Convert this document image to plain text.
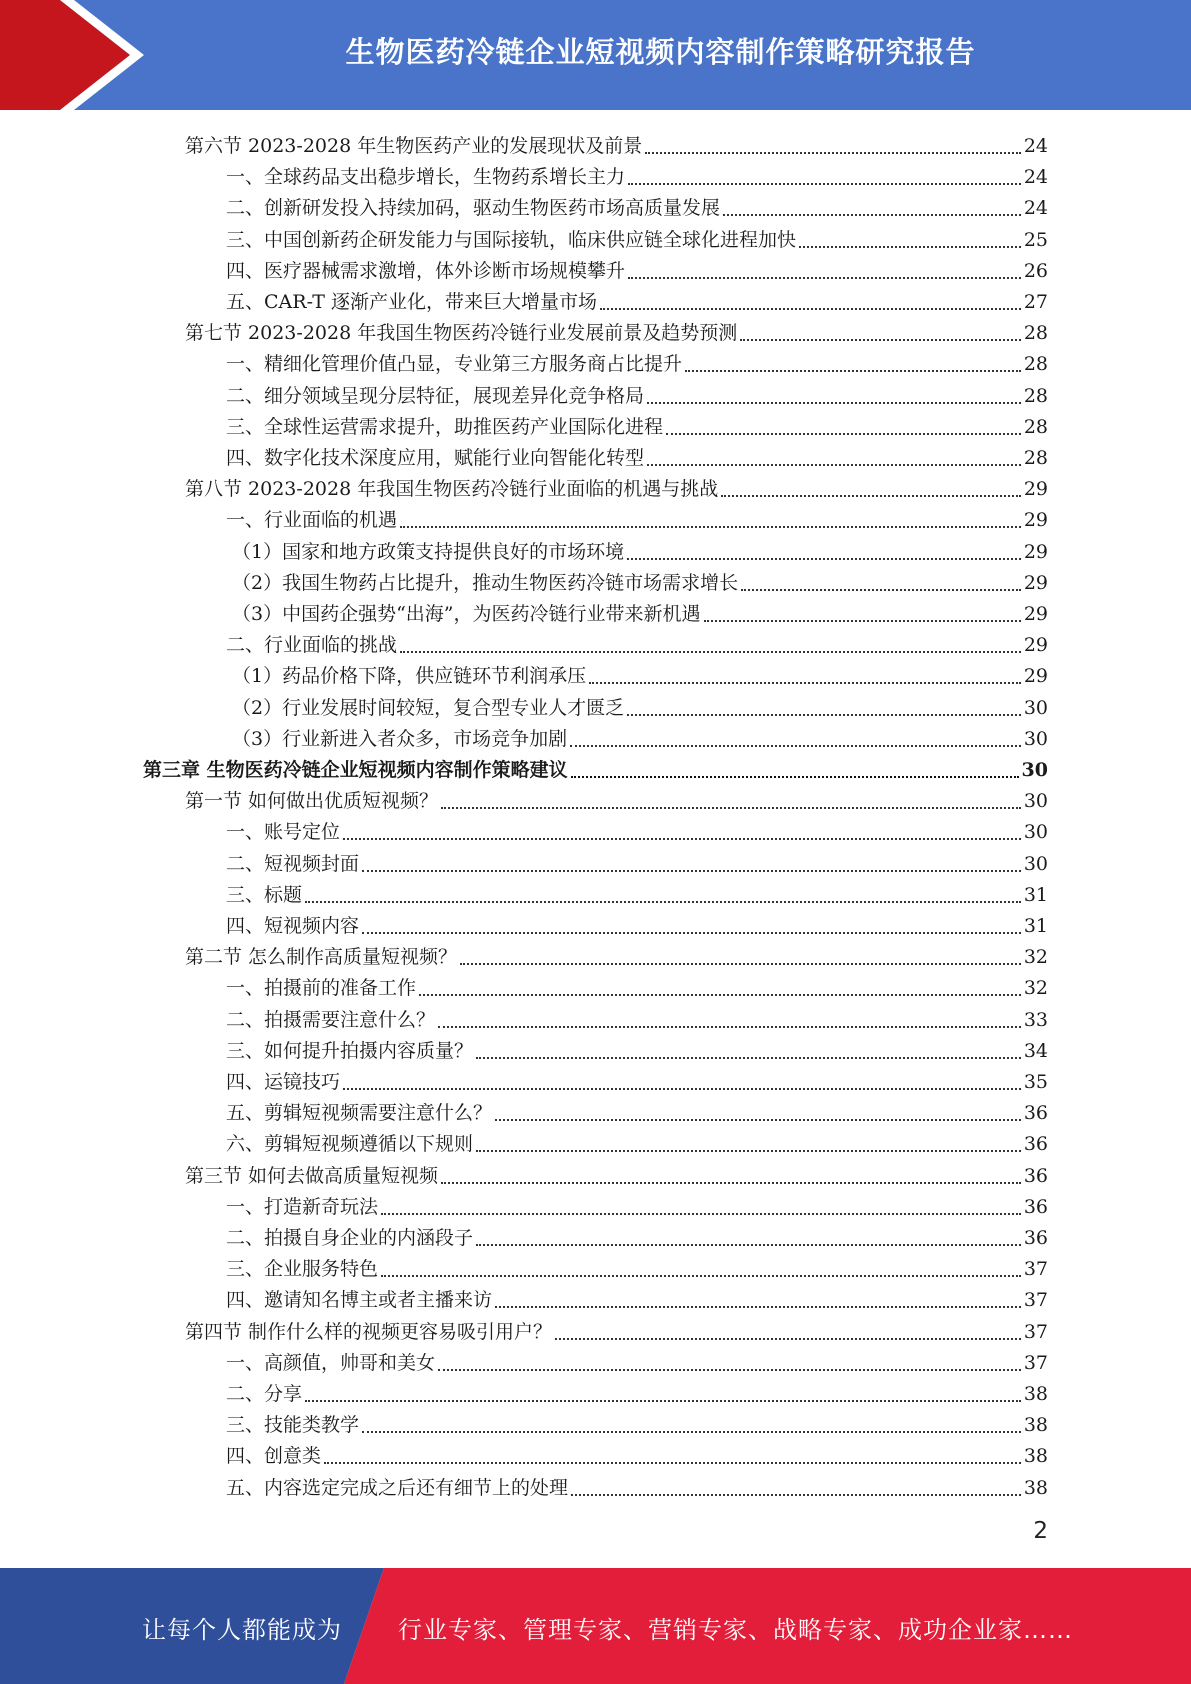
生物医药冷链企业短视频内容制作策略研究报告
第六节 2023-2028 年生物医药产业的发展现状及前景	24
一、全球药品支出稳步增长，生物药系增长主力	24
二、创新研发投入持续加码，驱动生物医药市场高质量发展	24
三、中国创新药企研发能力与国际接轨，临床供应链全球化进程加快	25
四、医疗器械需求激增，体外诊断市场规模攀升	26
五、CAR-T 逐渐产业化，带来巨大增量市场	27
第七节 2023-2028 年我国生物医药冷链行业发展前景及趋势预测	28
一、精细化管理价值凸显，专业第三方服务商占比提升	28
二、细分领域呈现分层特征，展现差异化竞争格局	28
三、全球性运营需求提升，助推医药产业国际化进程	28
四、数字化技术深度应用，赋能行业向智能化转型	28
第八节 2023-2028 年我国生物医药冷链行业面临的机遇与挑战	29
一、行业面临的机遇	29
（1）国家和地方政策支持提供良好的市场环境	29
（2）我国生物药占比提升，推动生物医药冷链市场需求增长	29
（3）中国药企强势“出海”，为医药冷链行业带来新机遇	29
二、行业面临的挑战	29
（1）药品价格下降，供应链环节利润承压	29
（2）行业发展时间较短，复合型专业人才匮乏	30
（3）行业新进入者众多，市场竞争加剧	30
第三章 生物医药冷链企业短视频内容制作策略建议	30
第一节 如何做出优质短视频？	30
一、账号定位	30
二、短视频封面	30
三、标题	31
四、短视频内容	31
第二节 怎么制作高质量短视频？	32
一、拍摄前的准备工作	32
二、拍摄需要注意什么？	33
三、如何提升拍摄内容质量？	34
四、运镜技巧	35
五、剪辑短视频需要注意什么？	36
六、剪辑短视频遵循以下规则	36
第三节 如何去做高质量短视频	36
一、打造新奇玩法	36
二、拍摄自身企业的内涵段子	36
三、企业服务特色	37
四、邀请知名博主或者主播来访	37
第四节 制作什么样的视频更容易吸引用户？	37
一、高颜值，帅哥和美女	37
二、分享	38
三、技能类教学	38
四、创意类	38
五、内容选定完成之后还有细节上的处理	38
2
让每个人都能成为 行业专家、管理专家、营销专家、战略专家、成功企业家……
